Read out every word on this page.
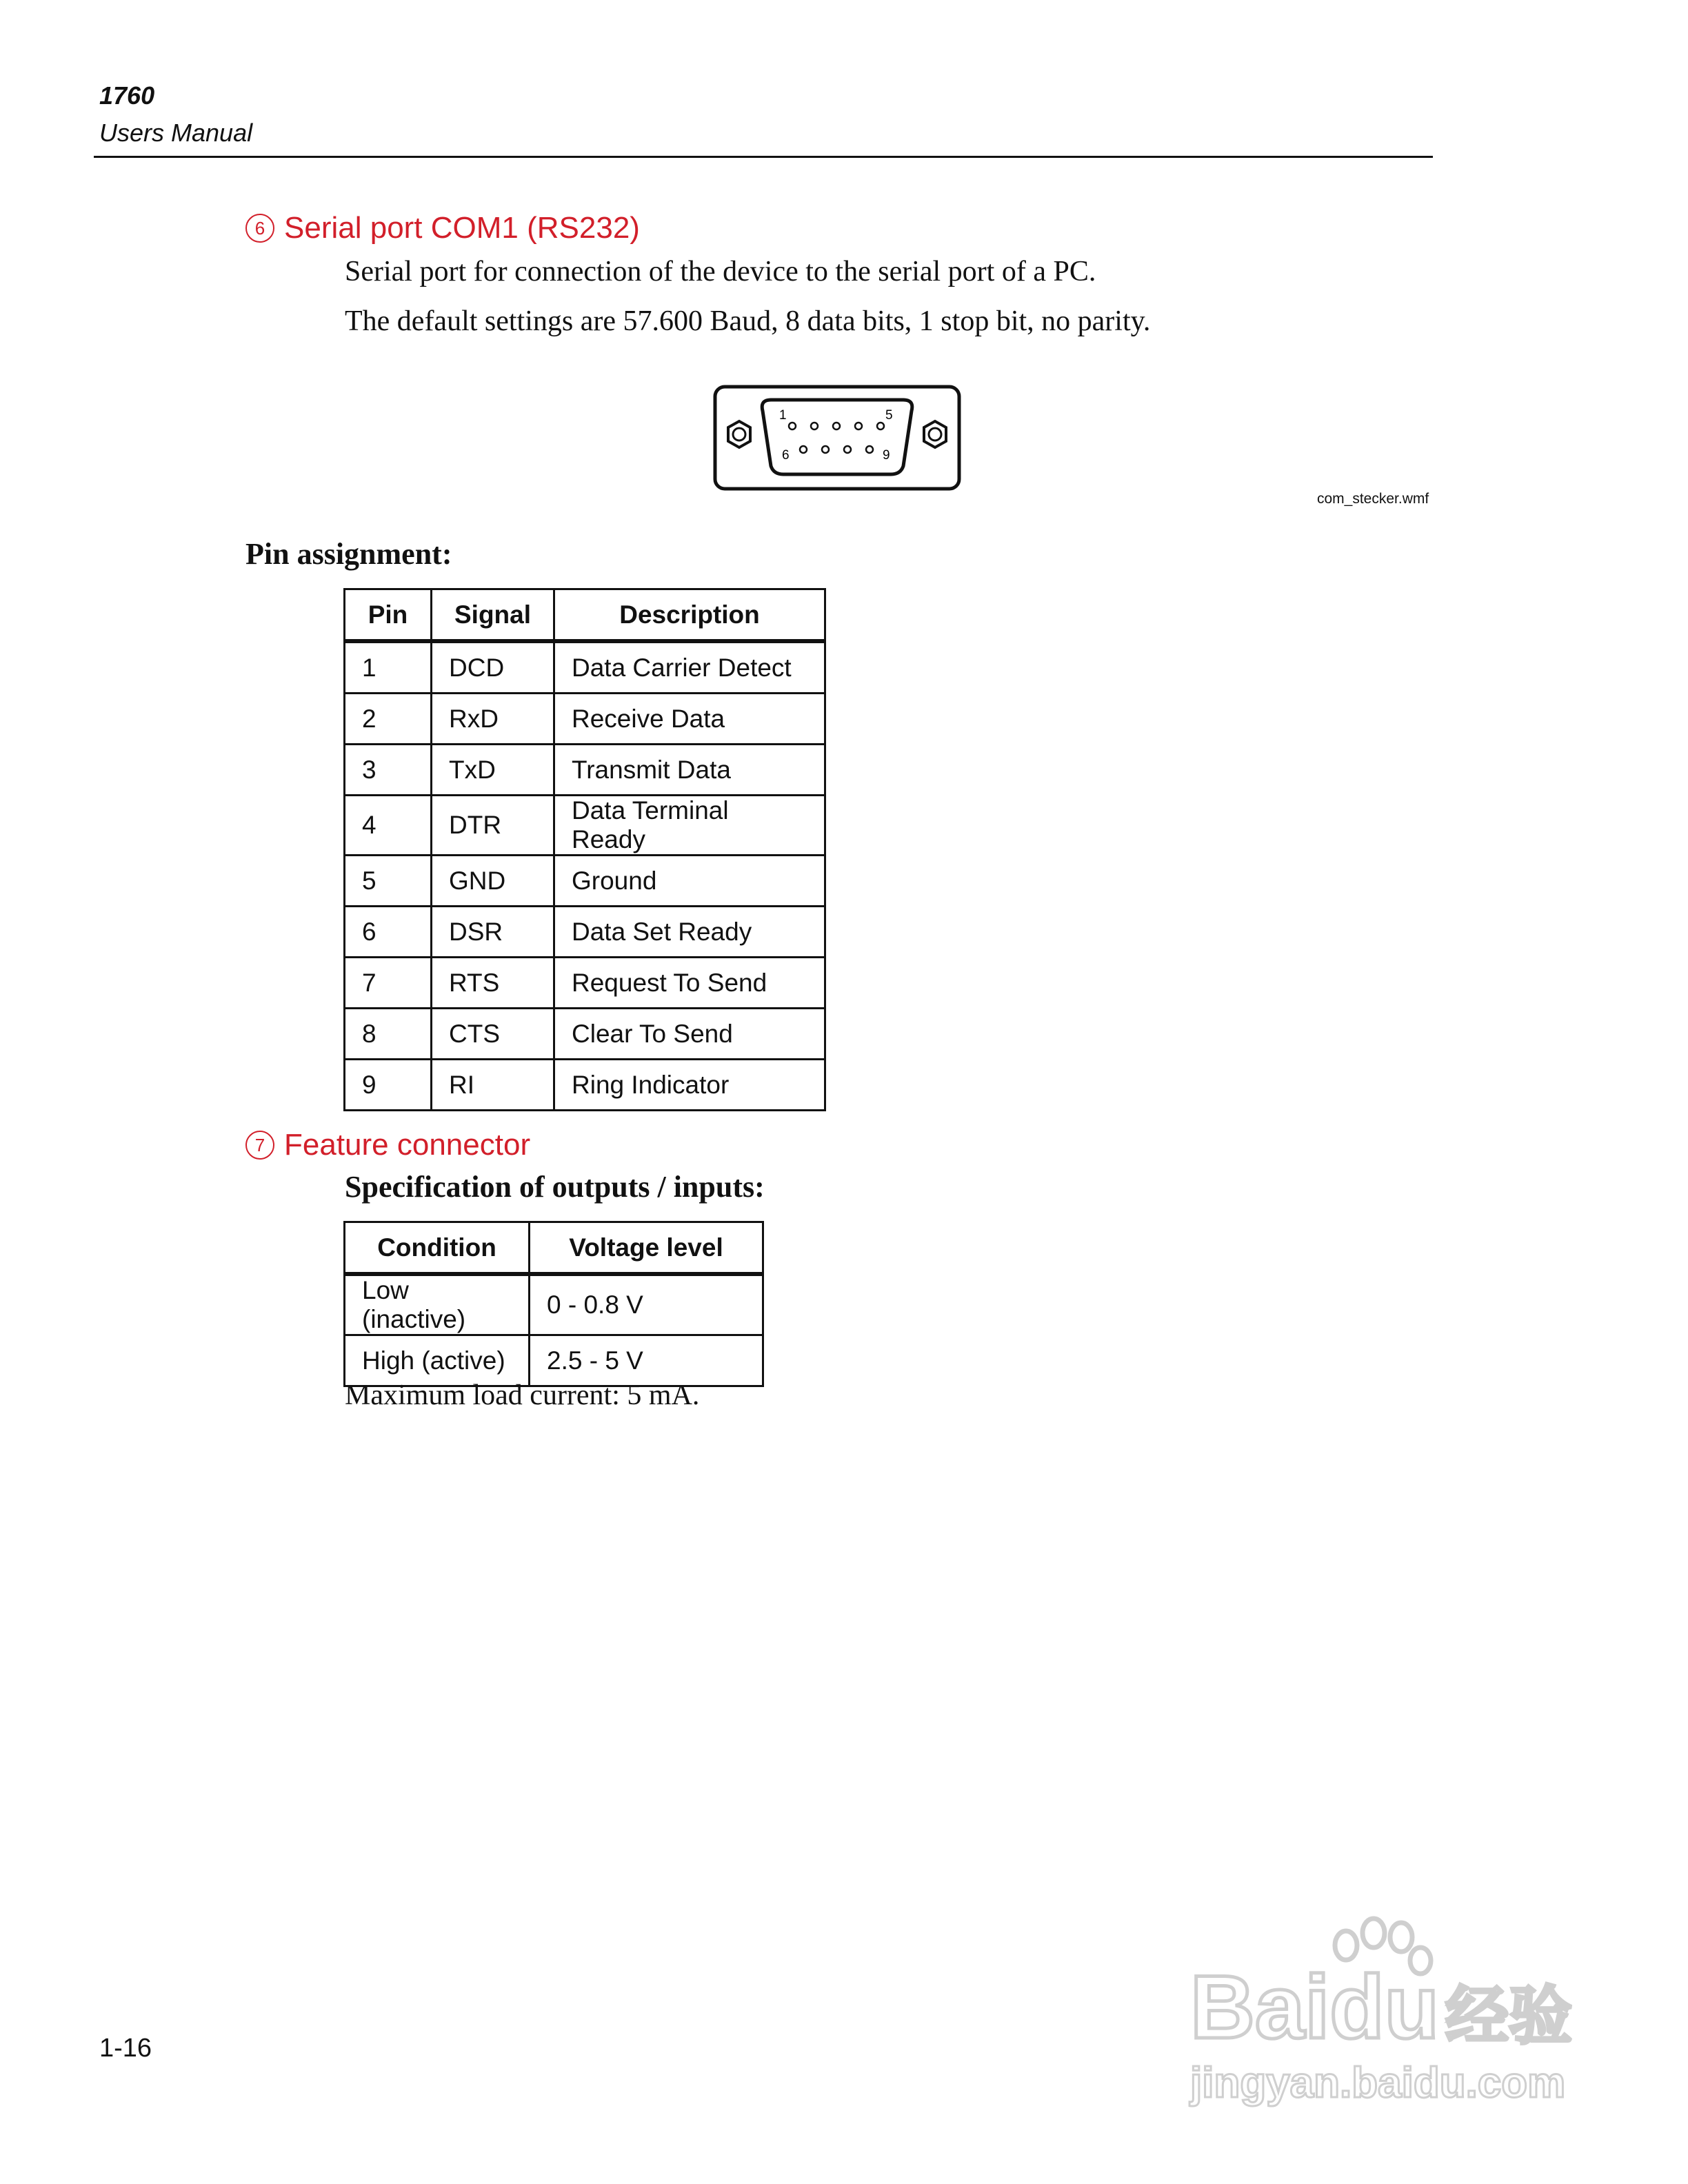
1760
Users Manual
6 Serial port COM1 (RS232)
Serial port for connection of the device to the serial port of a PC.
The default settings are 57.600 Baud, 8 data bits, 1 stop bit, no parity.
1	5
6	9
com_stecker.wmf
Pin assignment:
Pin	Signal	Description
1	DCD	Data Carrier Detect
2	RxD	Receive Data
3	TxD	Transmit Data
4	DTR	Data Terminal Ready
5	GND	Ground
6	DSR	Data Set Ready
7	RTS	Request To Send
8	CTS	Clear To Send
9	RI	Ring Indicator
7 Feature connector
Specification of outputs / inputs:
Condition	Voltage level
Low (inactive)	0 - 0.8 V
High (active)	2.5 - 5 V
Maximum load current: 5 mA.
1-16	Baidu 经验
jingyan.baidu.com
